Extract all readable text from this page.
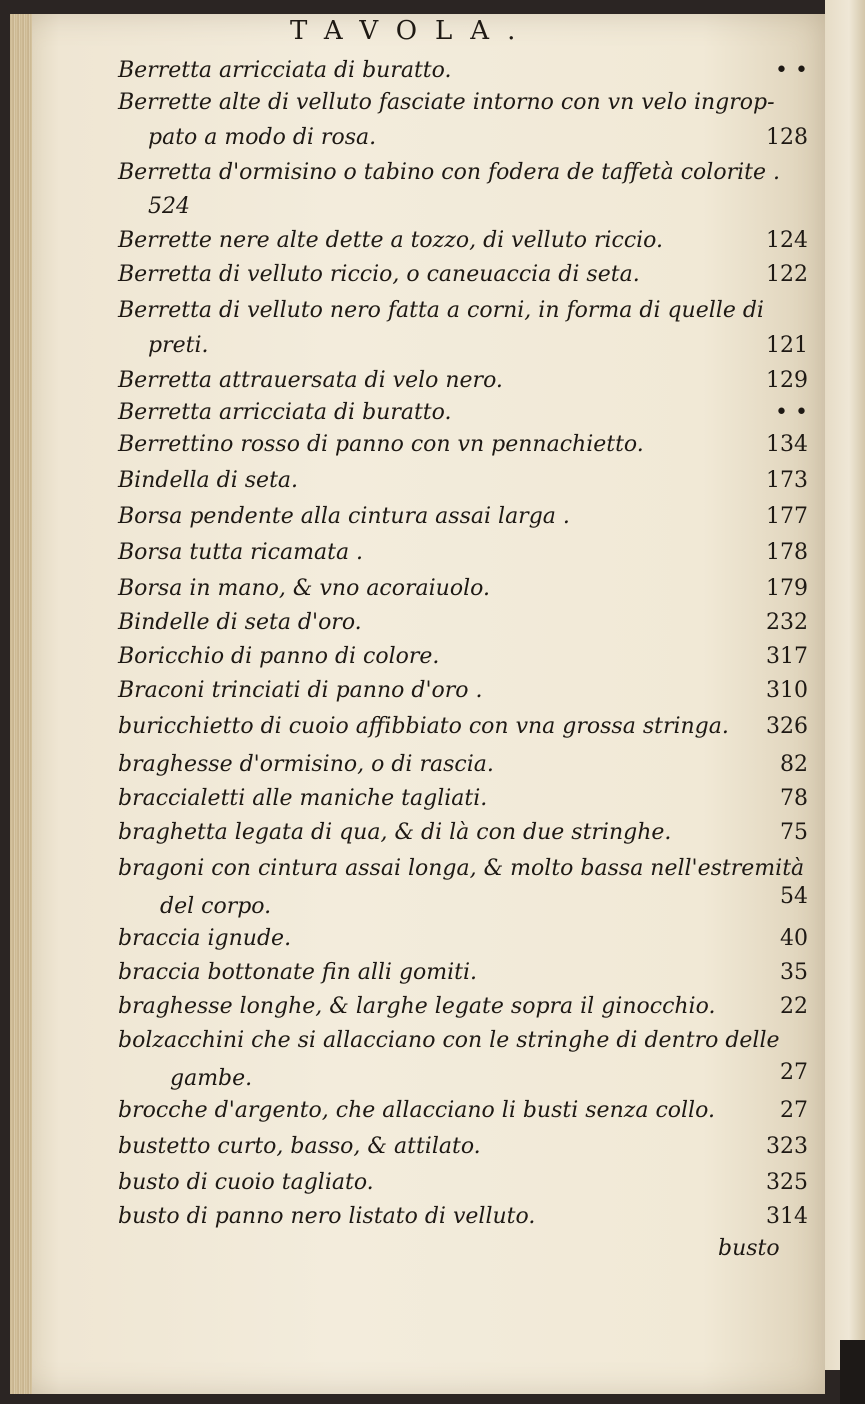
TAVOLA.
Berretta arricciata di buratto.	• •
Berrette alte di velluto fasciate intorno con vn velo ingrop-
pato a modo di rosa.	128
Berretta d'ormisino o tabino con fodera de taffetà colorite .
524
Berrette nere alte dette a tozzo, di velluto riccio.	124
Berretta di velluto riccio, o caneuaccia di seta.	122
Berretta di velluto nero fatta a corni, in forma di quelle di
preti.	121
Berretta attrauersata di velo nero.	129
Berretta arricciata di buratto.	• •
Berrettino rosso di panno con vn pennachietto.	134
Bindella di seta.	173
Borsa pendente alla cintura assai larga .	177
Borsa tutta ricamata .	178
Borsa in mano, & vno acoraiuolo.	179
Bindelle di seta d'oro.	232
Boricchio di panno di colore.	317
Braconi trinciati di panno d'oro .	310
buricchietto di cuoio affibbiato con vna grossa stringa. 326
braghesse d'ormisino, o di rascia.	82
braccialetti alle maniche tagliati.	78
braghetta legata di qua, & di là con due stringhe.	75
bragoni con cintura assai longa, & molto bassa nell'estremità
del corpo.	54
braccia ignude.	40
braccia bottonate fin alli gomiti.	35
braghesse longhe, & larghe legate sopra il ginocchio.	22
bolzacchini che si allacciano con le stringhe di dentro delle
gambe.	27
brocche d'argento, che allacciano li busti senza collo.	27
bustetto curto, basso, & attilato.	323
busto di cuoio tagliato.	325
busto di panno nero listato di velluto.	314
busto
